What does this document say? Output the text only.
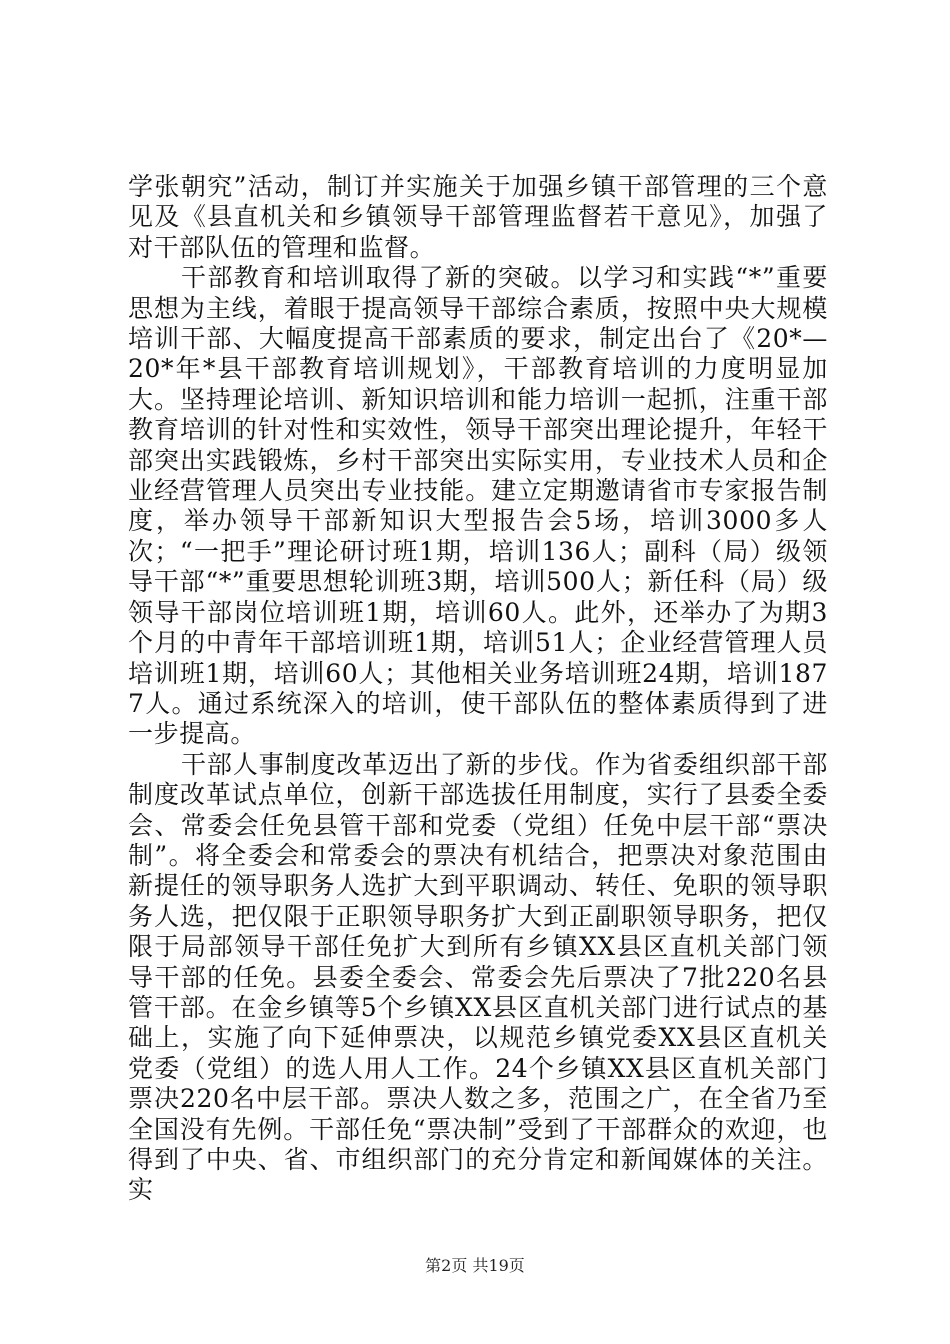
学张朝究”活动，制订并实施关于加强乡镇干部管理的三个意见及《县直机关和乡镇领导干部管理监督若干意见》，加强了对干部队伍的管理和监督。

干部教育和培训取得了新的突破。以学习和实践“*”重要思想为主线，着眼于提高领导干部综合素质，按照中央大规模培训干部、大幅度提高干部素质的要求，制定出台了《20*—20*年*县干部教育培训规划》，干部教育培训的力度明显加大。坚持理论培训、新知识培训和能力培训一起抓，注重干部教育培训的针对性和实效性，领导干部突出理论提升，年轻干部突出实践锻炼，乡村干部突出实际实用，专业技术人员和企业经营管理人员突出专业技能。建立定期邀请省市专家报告制度，举办领导干部新知识大型报告会5场，培训3000多人次；“一把手”理论研讨班1期，培训136人；副科（局）级领导干部“*”重要思想轮训班3期，培训500人；新任科（局）级领导干部岗位培训班1期，培训60人。此外，还举办了为期3个月的中青年干部培训班1期，培训51人；企业经营管理人员培训班1期，培训60人；其他相关业务培训班24期，培训1877人。通过系统深入的培训，使干部队伍的整体素质得到了进一步提高。

干部人事制度改革迈出了新的步伐。作为省委组织部干部制度改革试点单位，创新干部选拔任用制度，实行了县委全委会、常委会任免县管干部和党委（党组）任免中层干部“票决制”。将全委会和常委会的票决有机结合，把票决对象范围由新提任的领导职务人选扩大到平职调动、转任、免职的领导职务人选，把仅限于正职领导职务扩大到正副职领导职务，把仅限于局部领导干部任免扩大到所有乡镇XX县区直机关部门领导干部的任免。县委全委会、常委会先后票决了7批220名县管干部。在金乡镇等5个乡镇XX县区直机关部门进行试点的基础上，实施了向下延伸票决，以规范乡镇党委XX县区直机关党委（党组）的选人用人工作。24个乡镇XX县区直机关部门票决220名中层干部。票决人数之多，范围之广，在全省乃至全国没有先例。干部任免“票决制”受到了干部群众的欢迎，也得到了中央、省、市组织部门的充分肯定和新闻媒体的关注。实

第2页 共19页
